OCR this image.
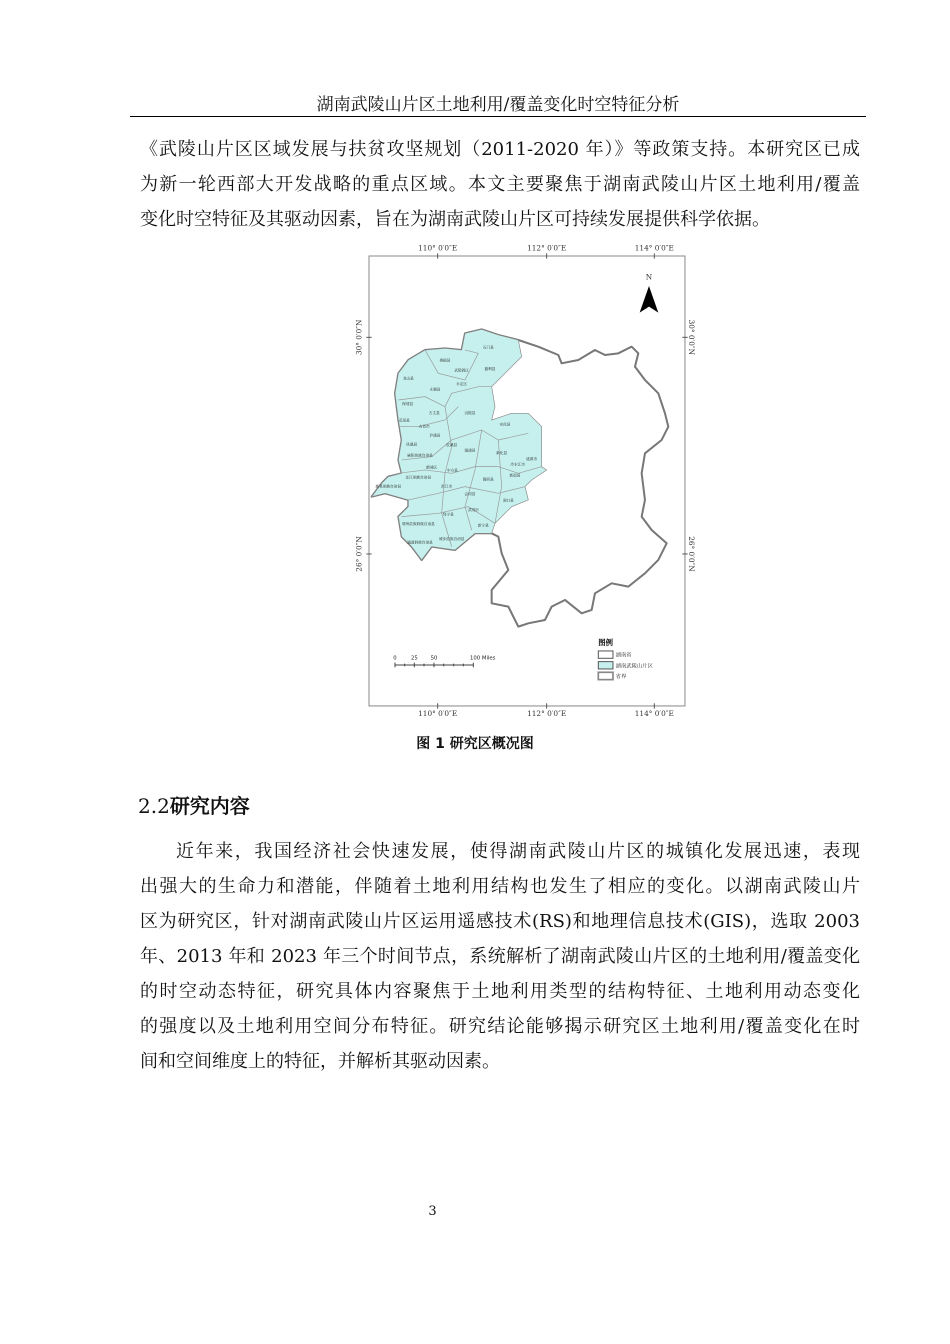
湖南武陵山片区土地利用/覆盖变化时空特征分析
《武陵山片区区域发展与扶贫攻坚规划（2011-2020 年）》等政策支持。本研究区已成
为新一轮西部大开发战略的重点区域。本文主要聚焦于湖南武陵山片区土地利用/覆盖
变化时空特征及其驱动因素，旨在为湖南武陵山片区可持续发展提供科学依据。
110° 0′0″E	112° 0′0″E	114° 0′0″E
110° 0′0″E	112° 0′0″E	114° 0′0″E
30° 0′0″N
26° 0′0″N
30° 0′0″N
26° 0′0″N
石门县
桑植县
慈利县
武陵源区
永定区
龙山县
永顺县
保靖县
古丈县 沅陵县
花垣县
吉首市
泸溪县
凤凰县	辰溪县
麻阳苗族自治县
溆浦县
安化县
新化县
冷水江市
涟源市
鹤城区
中方县
芷江侗族自治县
新晃侗族自治县	洪江市
隆回县
新邵县
会同县
洞口县
绥宁县
武冈市
靖州苗族侗族自治县	新宁县
通道侗族自治县
城步苗族自治县
N
0 25 50 100 Miles
图例
湖南省
湖南武陵山片区
省界
图 1 研究区概况图
2.2研究内容
近年来，我国经济社会快速发展，使得湖南武陵山片区的城镇化发展迅速，表现
出强大的生命力和潜能，伴随着土地利用结构也发生了相应的变化。以湖南武陵山片
区为研究区，针对湖南武陵山片区运用遥感技术(RS)和地理信息技术(GIS)，选取 2003
年、2013 年和 2023 年三个时间节点，系统解析了湖南武陵山片区的土地利用/覆盖变化
的时空动态特征，研究具体内容聚焦于土地利用类型的结构特征、土地利用动态变化
的强度以及土地利用空间分布特征。研究结论能够揭示研究区土地利用/覆盖变化在时
间和空间维度上的特征，并解析其驱动因素。
3
